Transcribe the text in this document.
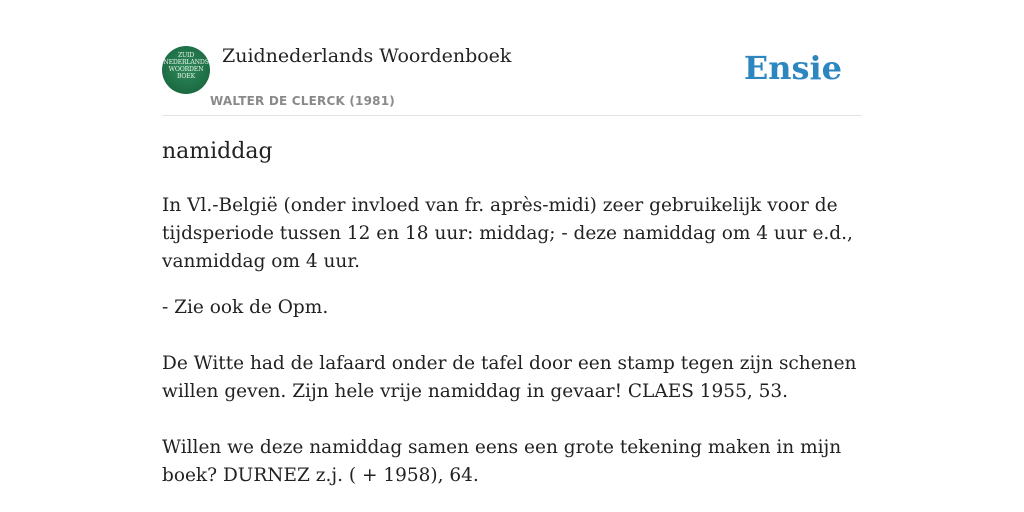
ZUID
NEDERLANDS
WOORDEN
BOEK
Zuidnederlands Woordenboek
WALTER DE CLERCK (1981)
Ensie
namiddag

In Vl.-België (onder invloed van fr. après-midi) zeer gebruikelijk voor de tijdsperiode tussen 12 en 18 uur: middag; - deze namiddag om 4 uur e.d., vanmiddag om 4 uur.

- Zie ook de Opm.

De Witte had de lafaard onder de tafel door een stamp tegen zijn schenen willen geven. Zijn hele vrije namiddag in gevaar! CLAES 1955, 53.

Willen we deze namiddag samen eens een grote tekening maken in mijn boek? DURNEZ z.j. ( + 1958), 64.
